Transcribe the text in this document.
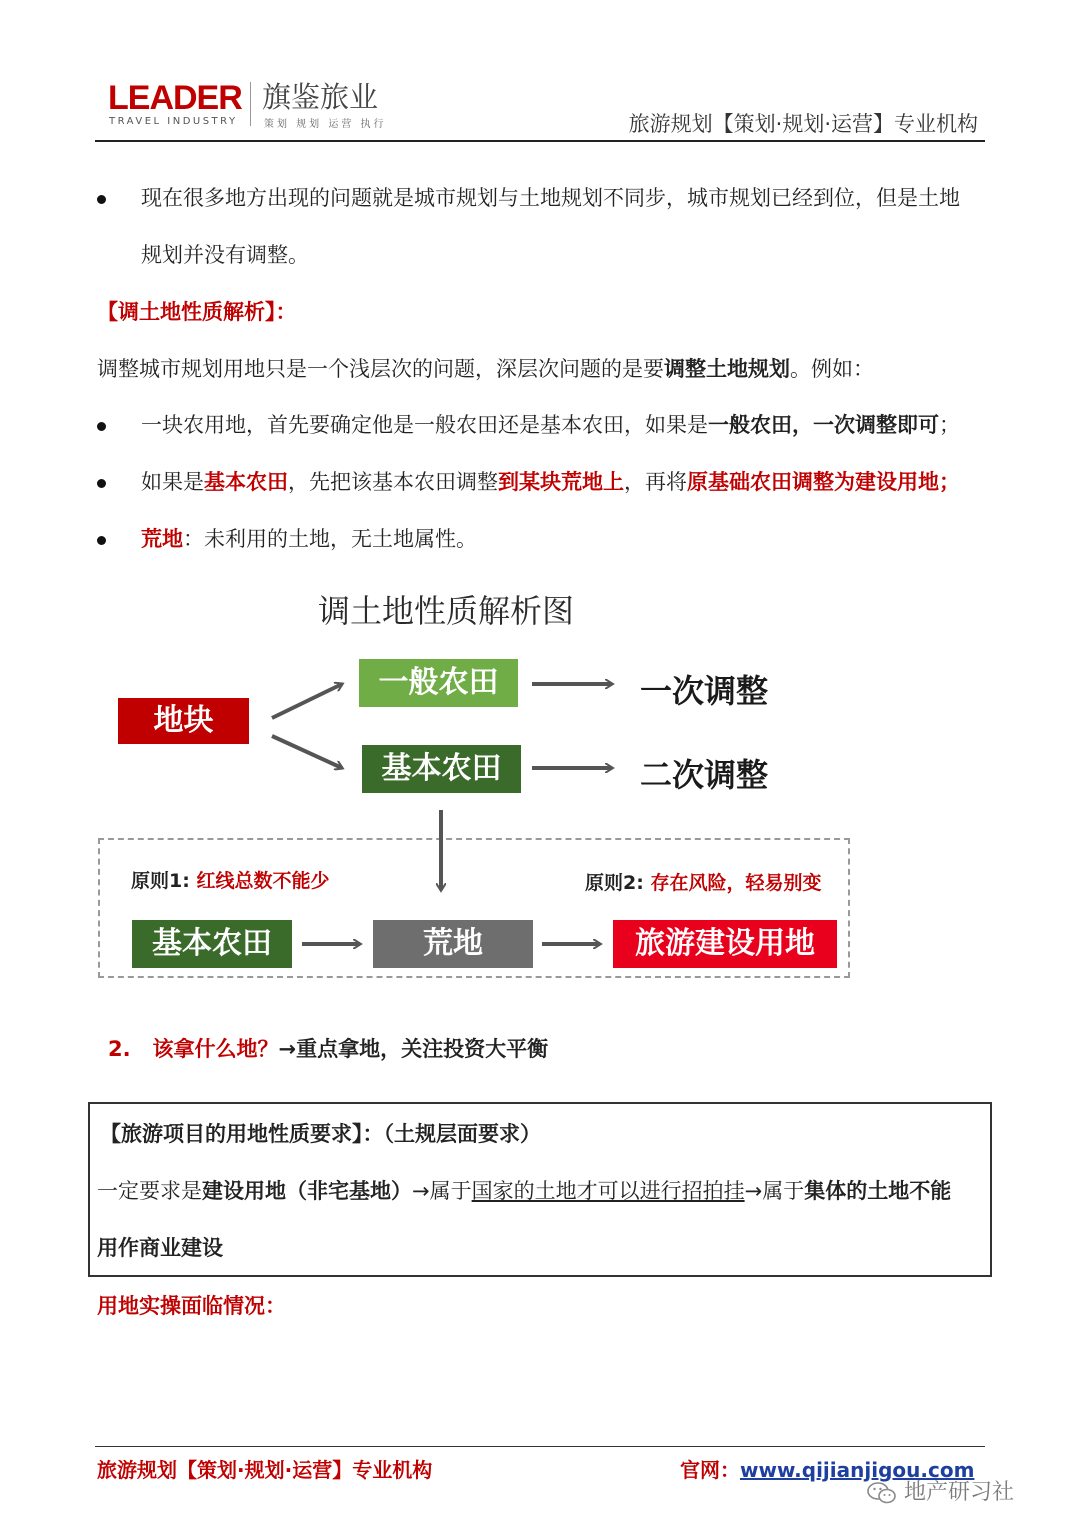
LEADER
TRAVEL INDUSTRY
旗鉴旅业
策划 规划 运营 执行	旅游规划【策划·规划·运营】专业机构
现在很多地方出现的问题就是城市规划与土地规划不同步，城市规划已经到位，但是土地
规划并没有调整。
【调土地性质解析】：
调整城市规划用地只是一个浅层次的问题，深层次问题的是要调整土地规划。例如：
一块农用地，首先要确定他是一般农田还是基本农田，如果是一般农田，一次调整即可；
如果是基本农田，先把该基本农田调整到某块荒地上，再将原基础农田调整为建设用地；
荒地：未利用的土地，无土地属性。
调土地性质解析图
地块
一般农田
基本农田
一次调整
二次调整
原则1: 红线总数不能少	原则2: 存在风险，轻易别变
基本农田	荒地	旅游建设用地
2. 该拿什么地？→重点拿地，关注投资大平衡
【旅游项目的用地性质要求】：（土规层面要求）
一定要求是建设用地（非宅基地）→属于国家的土地才可以进行招拍挂→属于集体的土地不能
用作商业建设
用地实操面临情况：
旅游规划【策划·规划·运营】专业机构	官网：www.qijianjigou.com
地产研习社
